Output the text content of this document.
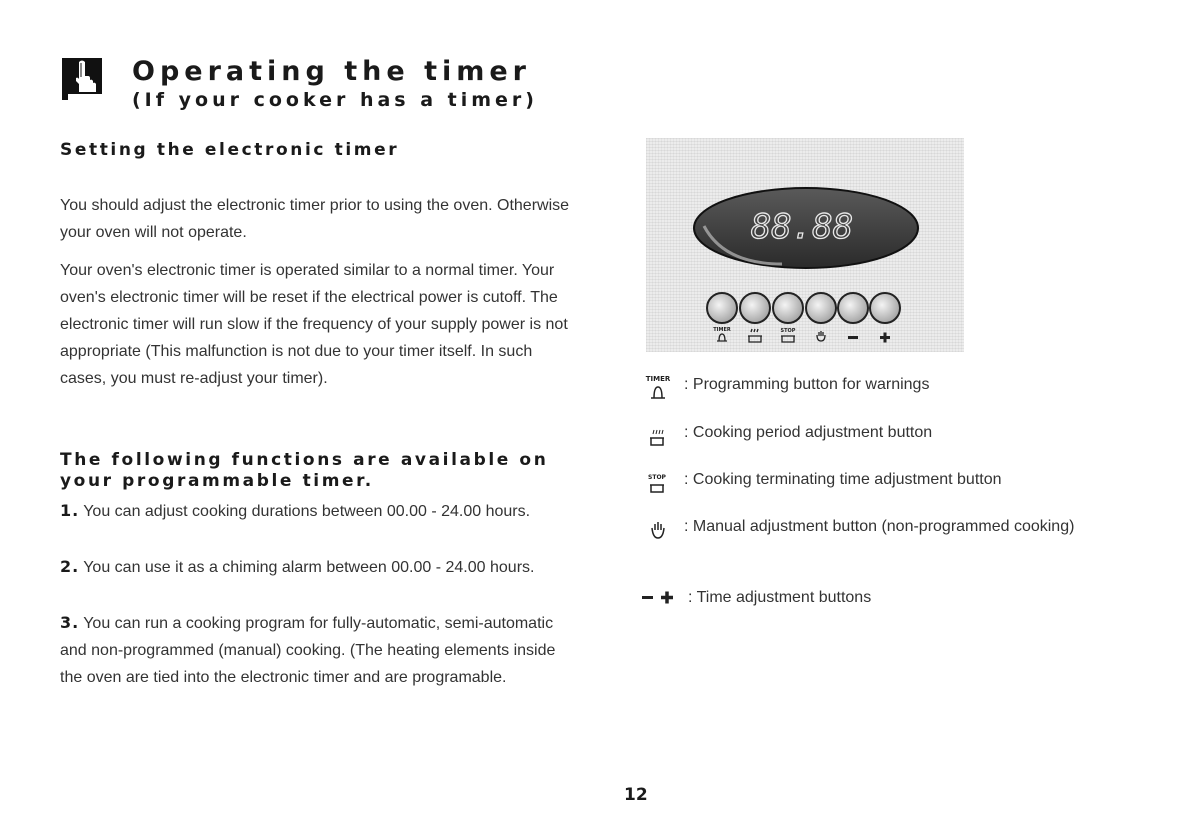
Operating the timer
(If your cooker has a timer)
Setting the electronic timer
You should adjust the electronic timer prior to using the oven. Otherwise your oven will not operate.
Your oven's electronic timer is operated similar to a normal timer. Your oven's electronic timer will be reset if the electrical power is cutoff. The electronic timer will run slow if the frequency of your supply power is not appropriate (This malfunction is not due to your timer itself. In such cases, you must re-adjust your timer).
The following functions are available on your programmable timer.
1. You can adjust cooking durations between 00.00 - 24.00 hours.
2. You can use it as a chiming alarm between 00.00 - 24.00 hours.
3. You can run a cooking program for fully-automatic, semi-automatic and non-programmed (manual) cooking. (The heating elements inside the oven are tied into the electronic timer and are programable.
88.88
TIMER	STOP
TIMER : Programming button for warnings
: Cooking period adjustment button
STOP : Cooking terminating time adjustment button
: Manual adjustment button (non-programmed cooking)
: Time adjustment buttons
12
